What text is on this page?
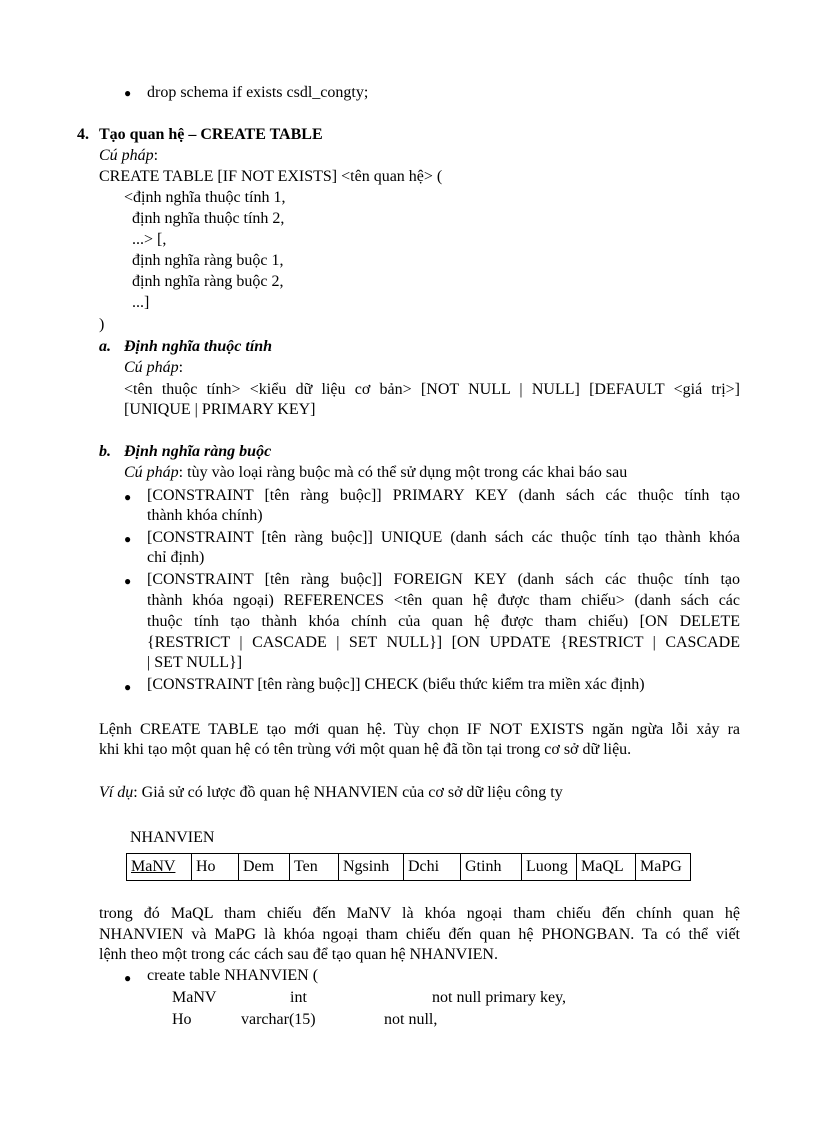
● drop schema if exists csdl_congty;
4. Tạo quan hệ – CREATE TABLE
Cú pháp:
CREATE TABLE [IF NOT EXISTS] <tên quan hệ> (
<định nghĩa thuộc tính 1,
định nghĩa thuộc tính 2,
...> [,
định nghĩa ràng buộc 1,
định nghĩa ràng buộc 2,
...]
)
a. Định nghĩa thuộc tính
Cú pháp:
<tên thuộc tính> <kiểu dữ liệu cơ bản> [NOT NULL | NULL] [DEFAULT <giá trị>]
[UNIQUE | PRIMARY KEY]
b. Định nghĩa ràng buộc
Cú pháp: tùy vào loại ràng buộc mà có thể sử dụng một trong các khai báo sau
● [CONSTRAINT [tên ràng buộc]] PRIMARY KEY (danh sách các thuộc tính tạo
thành khóa chính)
● [CONSTRAINT [tên ràng buộc]] UNIQUE (danh sách các thuộc tính tạo thành khóa
chỉ định)
● [CONSTRAINT [tên ràng buộc]] FOREIGN KEY (danh sách các thuộc tính tạo
thành khóa ngoại) REFERENCES <tên quan hệ được tham chiếu> (danh sách các
thuộc tính tạo thành khóa chính của quan hệ được tham chiếu) [ON DELETE
{RESTRICT | CASCADE | SET NULL}] [ON UPDATE {RESTRICT | CASCADE
| SET NULL}]
● [CONSTRAINT [tên ràng buộc]] CHECK (biểu thức kiểm tra miền xác định)
Lệnh CREATE TABLE tạo mới quan hệ. Tùy chọn IF NOT EXISTS ngăn ngừa lỗi xảy ra
khi khi tạo một quan hệ có tên trùng với một quan hệ đã tồn tại trong cơ sở dữ liệu.
Ví dụ: Giả sử có lược đồ quan hệ NHANVIEN của cơ sở dữ liệu công ty
NHANVIEN
MaNV	Ho	Dem	Ten	Ngsinh	Dchi	Gtinh	Luong	MaQL	MaPG
trong đó MaQL tham chiếu đến MaNV là khóa ngoại tham chiếu đến chính quan hệ
NHANVIEN và MaPG là khóa ngoại tham chiếu đến quan hệ PHONGBAN. Ta có thể viết
lệnh theo một trong các cách sau để tạo quan hệ NHANVIEN.
● create table NHANVIEN (
MaNV	int	not null primary key,
Ho	varchar(15)	not null,
